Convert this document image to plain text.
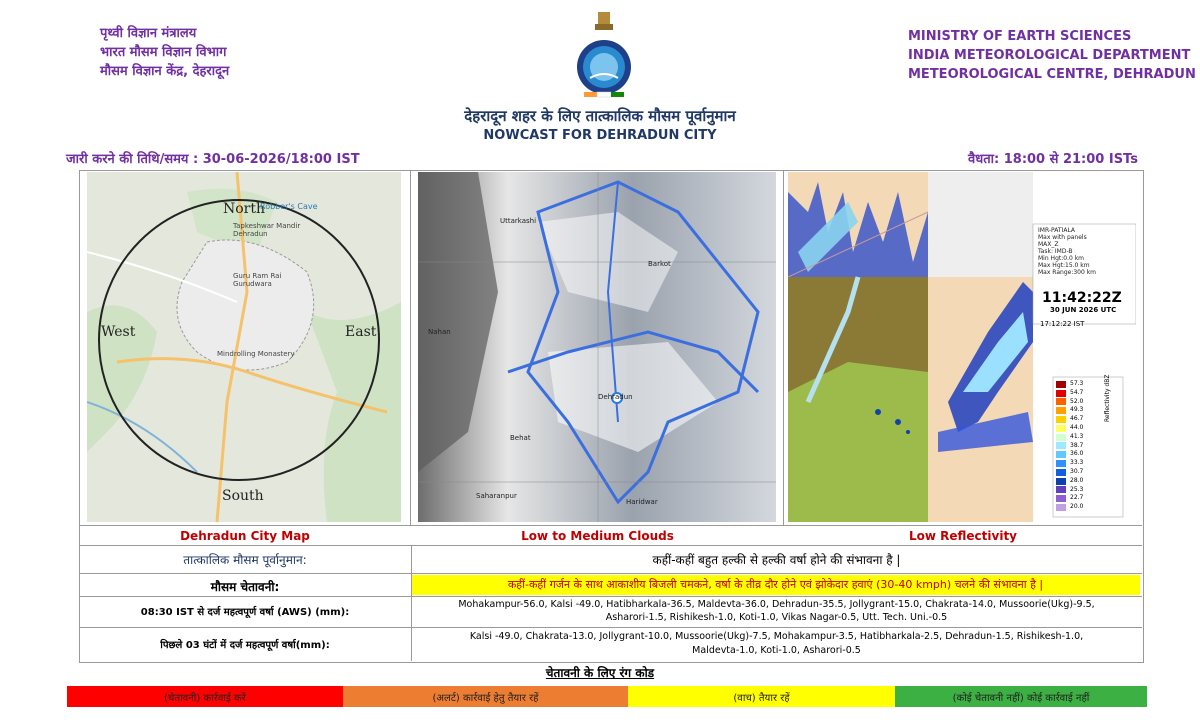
पृथ्वी विज्ञान मंत्रालय
भारत मौसम विज्ञान विभाग
मौसम विज्ञान केंद्र, देहरादून
MINISTRY OF EARTH SCIENCES
INDIA METEOROLOGICAL DEPARTMENT
METEOROLOGICAL CENTRE, DEHRADUN
देहरादून शहर के लिए तात्कालिक मौसम पूर्वानुमान
NOWCAST FOR DEHRADUN CITY
जारी करने की तिथि/समय : 30-06-2026/18:00 IST	वैधता: 18:00 से 21:00 ISTs
North
Robber's Cave
Tapkeshwar Mandir Dehradun
Guru Ram Rai Gurudwara
Mindrolling Monastery
West	East
South
Barkot
Nahan
Dehradun
Behat
Saharanpur
Haridwar
Uttarkashi
IMR-PATIALA
Max with panels
MAX_Z
Task: IMD-B
Min Hgt:0.0 km
Max Hgt:15.0 km
Max Range:300 km
11:42:22Z
30 JUN 2026 UTC
17:12:22 IST
57.3
54.7
52.0
49.3
46.7
44.0
41.3
38.7
36.0
33.3
30.7
28.0
25.3
22.7
20.0
Reflectivity dBZ
Dehradun City Map	Low to Medium Clouds	Low Reflectivity
तात्कालिक मौसम पूर्वानुमान:	कहीं-कहीं बहुत हल्की से हल्की वर्षा होने की संभावना है |
मौसम चेतावनी:	कहीं-कहीं गर्जन के साथ आकाशीय बिजली चमकने, वर्षा के तीव्र दौर होने एवं झोकेदार हवाएं (30-40 kmph) चलने की संभावना है |
08:30 IST से दर्ज महत्वपूर्ण वर्षा (AWS) (mm):
Mohakampur-56.0, Kalsi -49.0, Hatibharkala-36.5, Maldevta-36.0, Dehradun-35.5, Jollygrant-15.0, Chakrata-14.0, Mussoorie(Ukg)-9.5,
Asharori-1.5, Rishikesh-1.0, Koti-1.0, Vikas Nagar-0.5, Utt. Tech. Uni.-0.5
पिछले 03 घंटों में दर्ज महत्वपूर्ण वर्षा(mm):
Kalsi -49.0, Chakrata-13.0, Jollygrant-10.0, Mussoorie(Ukg)-7.5, Mohakampur-3.5, Hatibharkala-2.5, Dehradun-1.5, Rishikesh-1.0,
Maldevta-1.0, Koti-1.0, Asharori-0.5
चेतावनी के लिए रंग कोड
(चेतावनी) कार्रवाई करें	(अलर्ट) कार्रवाई हेतु तैयार रहें	(वाच) तैयार रहें	(कोई चेतावनी नहीं) कोई कार्रवाई नहीं
